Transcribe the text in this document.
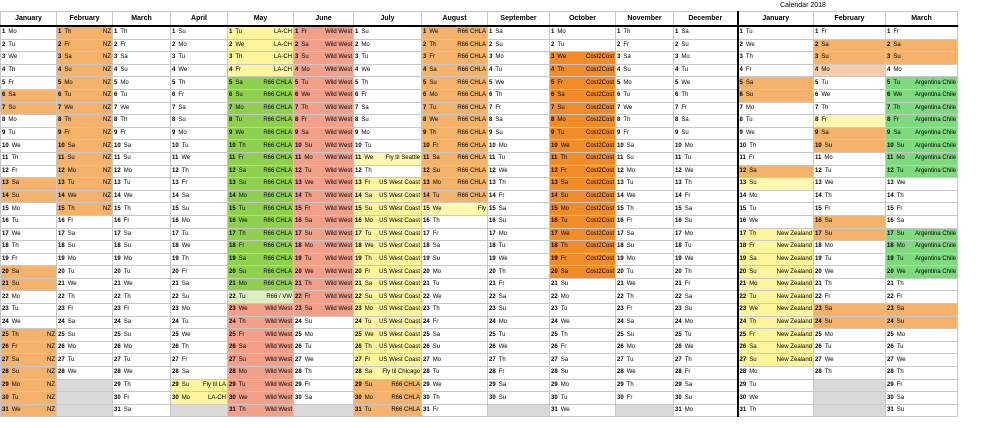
Calendar 2018
January	February	March	April	May	June	July	August	September	October	November	December	January	February	March

1 Mo	1 Th NZ	1 Th	1 Su	1 Tu LA-CH	1 Fr Wild West	1 Su	1 We R66 CHLA	1 Sa	1 Mo	1 Th	1 Sa	1 Tu	1 Fr	1 Fr

2 Tu	2 Fr NZ	2 Fr	2 Mo	2 We LA-CH	2 Sa Wild West	2 Mo	2 Th R66 CHLA	2 Su	2 Tu	2 Fr	2 Su	2 We	2 Sa	2 Sa

3 We	3 Sa NZ	3 Sa	3 Tu	3 Th LA-CH	3 Su Wild West	3 Tu	3 Fr R66 CHLA	3 Mo	3 We Cost2Cost	3 Sa	3 Mo	3 Th	3 Su	3 Su

4 Th	4 Su NZ	4 Su	4 We	4 Fr LA-CH	4 Mo Wild West	4 We	4 Sa R66 CHLA	4 Tu	4 Th Cost2Cost	4 Su	4 Tu	4 Fr	4 Mo	4 Mo

5 Fr	5 Mo NZ	5 Mo	5 Th	5 Sa R66 CHLA	5 Tu Wild West	5 Th	5 Su R66 CHLA	5 We	5 Fr Cost2Cost	5 Mo	5 We	5 Sa	5 Tu	5 Tu Argentina Chile

6 Sa	6 Tu NZ	6 Tu	6 Fr	6 Su R66 CHLA	6 We Wild West	6 Fr	6 Mo R66 CHLA	6 Th	6 Sa Cost2Cost	6 Tu	6 Th	6 Su	6 We	6 We Argentina Chile

7 Su	7 We NZ	7 We	7 Sa	7 Mo R66 CHLA	7 Th Wild West	7 Sa	7 Tu R66 CHLA	7 Fr	7 Su Cost2Cost	7 We	7 Fr	7 Mo	7 Th	7 Th Argentina Chile

8 Mo	8 Th NZ	8 Th	8 Su	8 Tu R66 CHLA	8 Fr Wild West	8 Su	8 We R66 CHLA	8 Sa	8 Mo Cost2Cost	8 Th	8 Sa	8 Tu	8 Fr	8 Fr Argentina Chile

9 Tu	9 Fr NZ	9 Fr	9 Mo	9 We R66 CHLA	9 Sa Wild West	9 Mo	9 Th R66 CHLA	9 Su	9 Tu Cost2Cost	9 Fr	9 Su	9 We	9 Sa	9 Sa Argentina Chile

10 We	10 Sa NZ	10 Sa	10 Tu	10 Th R66 CHLA	10 Su Wild West	10 Tu	10 Fr R66 CHLA	10 Mo	10 We Cost2Cost	10 Sa	10 Mo	10 Th	10 Su	10 Su Argentina Chile

11 Th	11 Su NZ	11 Su	11 We	11 Fr R66 CHLA	11 Mo Wild West	11 We Fly til Seattle	11 Sa R66 CHLA	11 Tu	11 Th Cost2Cost	11 Su	11 Tu	11 Fr	11 Mo	11 Mo Argentina Chile

12 Fr	12 Mo NZ	12 Mo	12 Th	12 Sa R66 CHLA	12 Tu Wild West	12 Th	12 Su R66 CHLA	12 We	12 Fr Cost2Cost	12 Mo	12 We	12 Sa	12 Tu	12 Tu Argentina Chile

13 Sa	13 Tu NZ	13 Tu	13 Fr	13 Su R66 CHLA	13 We Wild West	13 Fr US West Coast	13 Mo R66 CHLA	13 Th	13 Sa Cost2Cost	13 Tu	13 Th	13 Su	13 We	13 We

14 Su	14 We NZ	14 We	14 Sa	14 Mo R66 CHLA	14 Th Wild West	14 Sa US West Coast	14 Tu R66 CHLA	14 Fr	14 Su Cost2Cost	14 We	14 Fr	14 Mo	14 Th	14 Th

15 Mo	15 Th NZ	15 Th	15 Su	15 Tu R66 CHLA	15 Fr Wild West	15 Su US West Coast	15 We Fly	15 Sa	15 Mo Cost2Cost	15 Th	15 Sa	15 Tu	15 Fr	15 Fr

16 Tu	16 Fr	16 Fr	16 Mo	16 We R66 CHLA	16 Sa Wild West	16 Mo US West Coast	16 Th	16 Su	16 Tu Cost2Cost	16 Fr	16 Su	16 We	16 Sa	16 Sa

17 We	17 Sa	17 Sa	17 Tu	17 Th R66 CHLA	17 Su Wild West	17 Tu US West Coast	17 Fr	17 Mo	17 We Cost2Cost	17 Sa	17 Mo	17 Th New Zealand	17 Su	17 Su Argentina Chile

18 Th	18 Su	18 Su	18 We	18 Fr R66 CHLA	18 Mo Wild West	18 We US West Coast	18 Sa	18 Tu	18 Th Cost2Cost	18 Su	18 Tu	18 Fr New Zealand	18 Mo	18 Mo Argentina Chile

19 Fr	19 Mo	19 Mo	19 Th	19 Sa R66 CHLA	19 Tu Wild West	19 Th US West Coast	19 Su	19 We	19 Fr Cost2Cost	19 Mo	19 We	19 Sa New Zealand	19 Tu	19 Tu Argentina Chile

20 Sa	20 Tu	20 Tu	20 Fr	20 Su R66 CHLA	20 We Wild West	20 Fr US West Coast	20 Mo	20 Th	20 Sa Cost2Cost	20 Tu	20 Th	20 Su New Zealand	20 We	20 We Argentina Chile

21 Su	21 We	21 We	21 Sa	21 Mo R66 CHLA	21 Th Wild West	21 Sa US West Coast	21 Tu	21 Fr	21 Su	21 We	21 Fr	21 Mo New Zealand	21 Th	21 Th

22 Mo	22 Th	22 Th	22 Su	22 Tu R66 / VW	22 Fr Wild West	22 Su US West Coast	22 We	22 Sa	22 Mo	22 Th	22 Sa	22 Tu New Zealand	22 Fr	22 Fr

23 Tu	23 Fr	23 Fr	23 Mo	23 We Wild West	23 Sa Wild West	23 Mo US West Coast	23 Th	23 Su	23 Tu	23 Fr	23 Su	23 We New Zealand	23 Sa	23 Sa

24 We	24 Sa	24 Sa	24 Tu	24 Th Wild West	24 Su	24 Tu US West Coast	24 Fr	24 Mo	24 We	24 Sa	24 Mo	24 Th New Zealand	24 Su	24 Su

25 Th NZ	25 Su	25 Su	25 We	25 Fr Wild West	25 Mo	25 We US West Coast	25 Sa	25 Tu	25 Th	25 Su	25 Tu	25 Fr New Zealand	25 Mo	25 Mo

26 Fr NZ	26 Mo	26 Mo	26 Th	26 Sa Wild West	26 Tu	26 Th US West Coast	26 Su	26 We	26 Fr	26 Mo	26 We	26 Sa New Zealand	26 Tu	26 Tu

27 Sa NZ	27 Tu	27 Tu	27 Fr	27 Su Wild West	27 We	27 Fr US West Coast	27 Mo	27 Th	27 Sa	27 Tu	27 Th	27 Su New Zealand	27 We	27 We

28 Su NZ	28 We	28 We	28 Sa	28 Mo Wild West	28 Th	28 Sa Fly til Chicago	28 Tu	28 Fr	28 Su	28 We	28 Fr	28 Mo	28 Th	28 Th

29 Mo NZ		29 Th	29 Su Fly til LA	29 Tu Wild West	29 Fr	29 Su R66 CHLA	29 We	29 Sa	29 Mo	29 Th	29 Sa	29 Tu		29 Fr

30 Tu NZ		30 Fr	30 Mo LA-CH	30 We Wild West	30 Sa	30 Mo R66 CHLA	30 Th	30 Su	30 Tu	30 Fr	30 Su	30 We		30 Sa

31 We NZ		31 Sa		31 Th Wild West		31 Tu R66 CHLA	31 Fr		31 We		31 Mo	31 Th		31 Su
